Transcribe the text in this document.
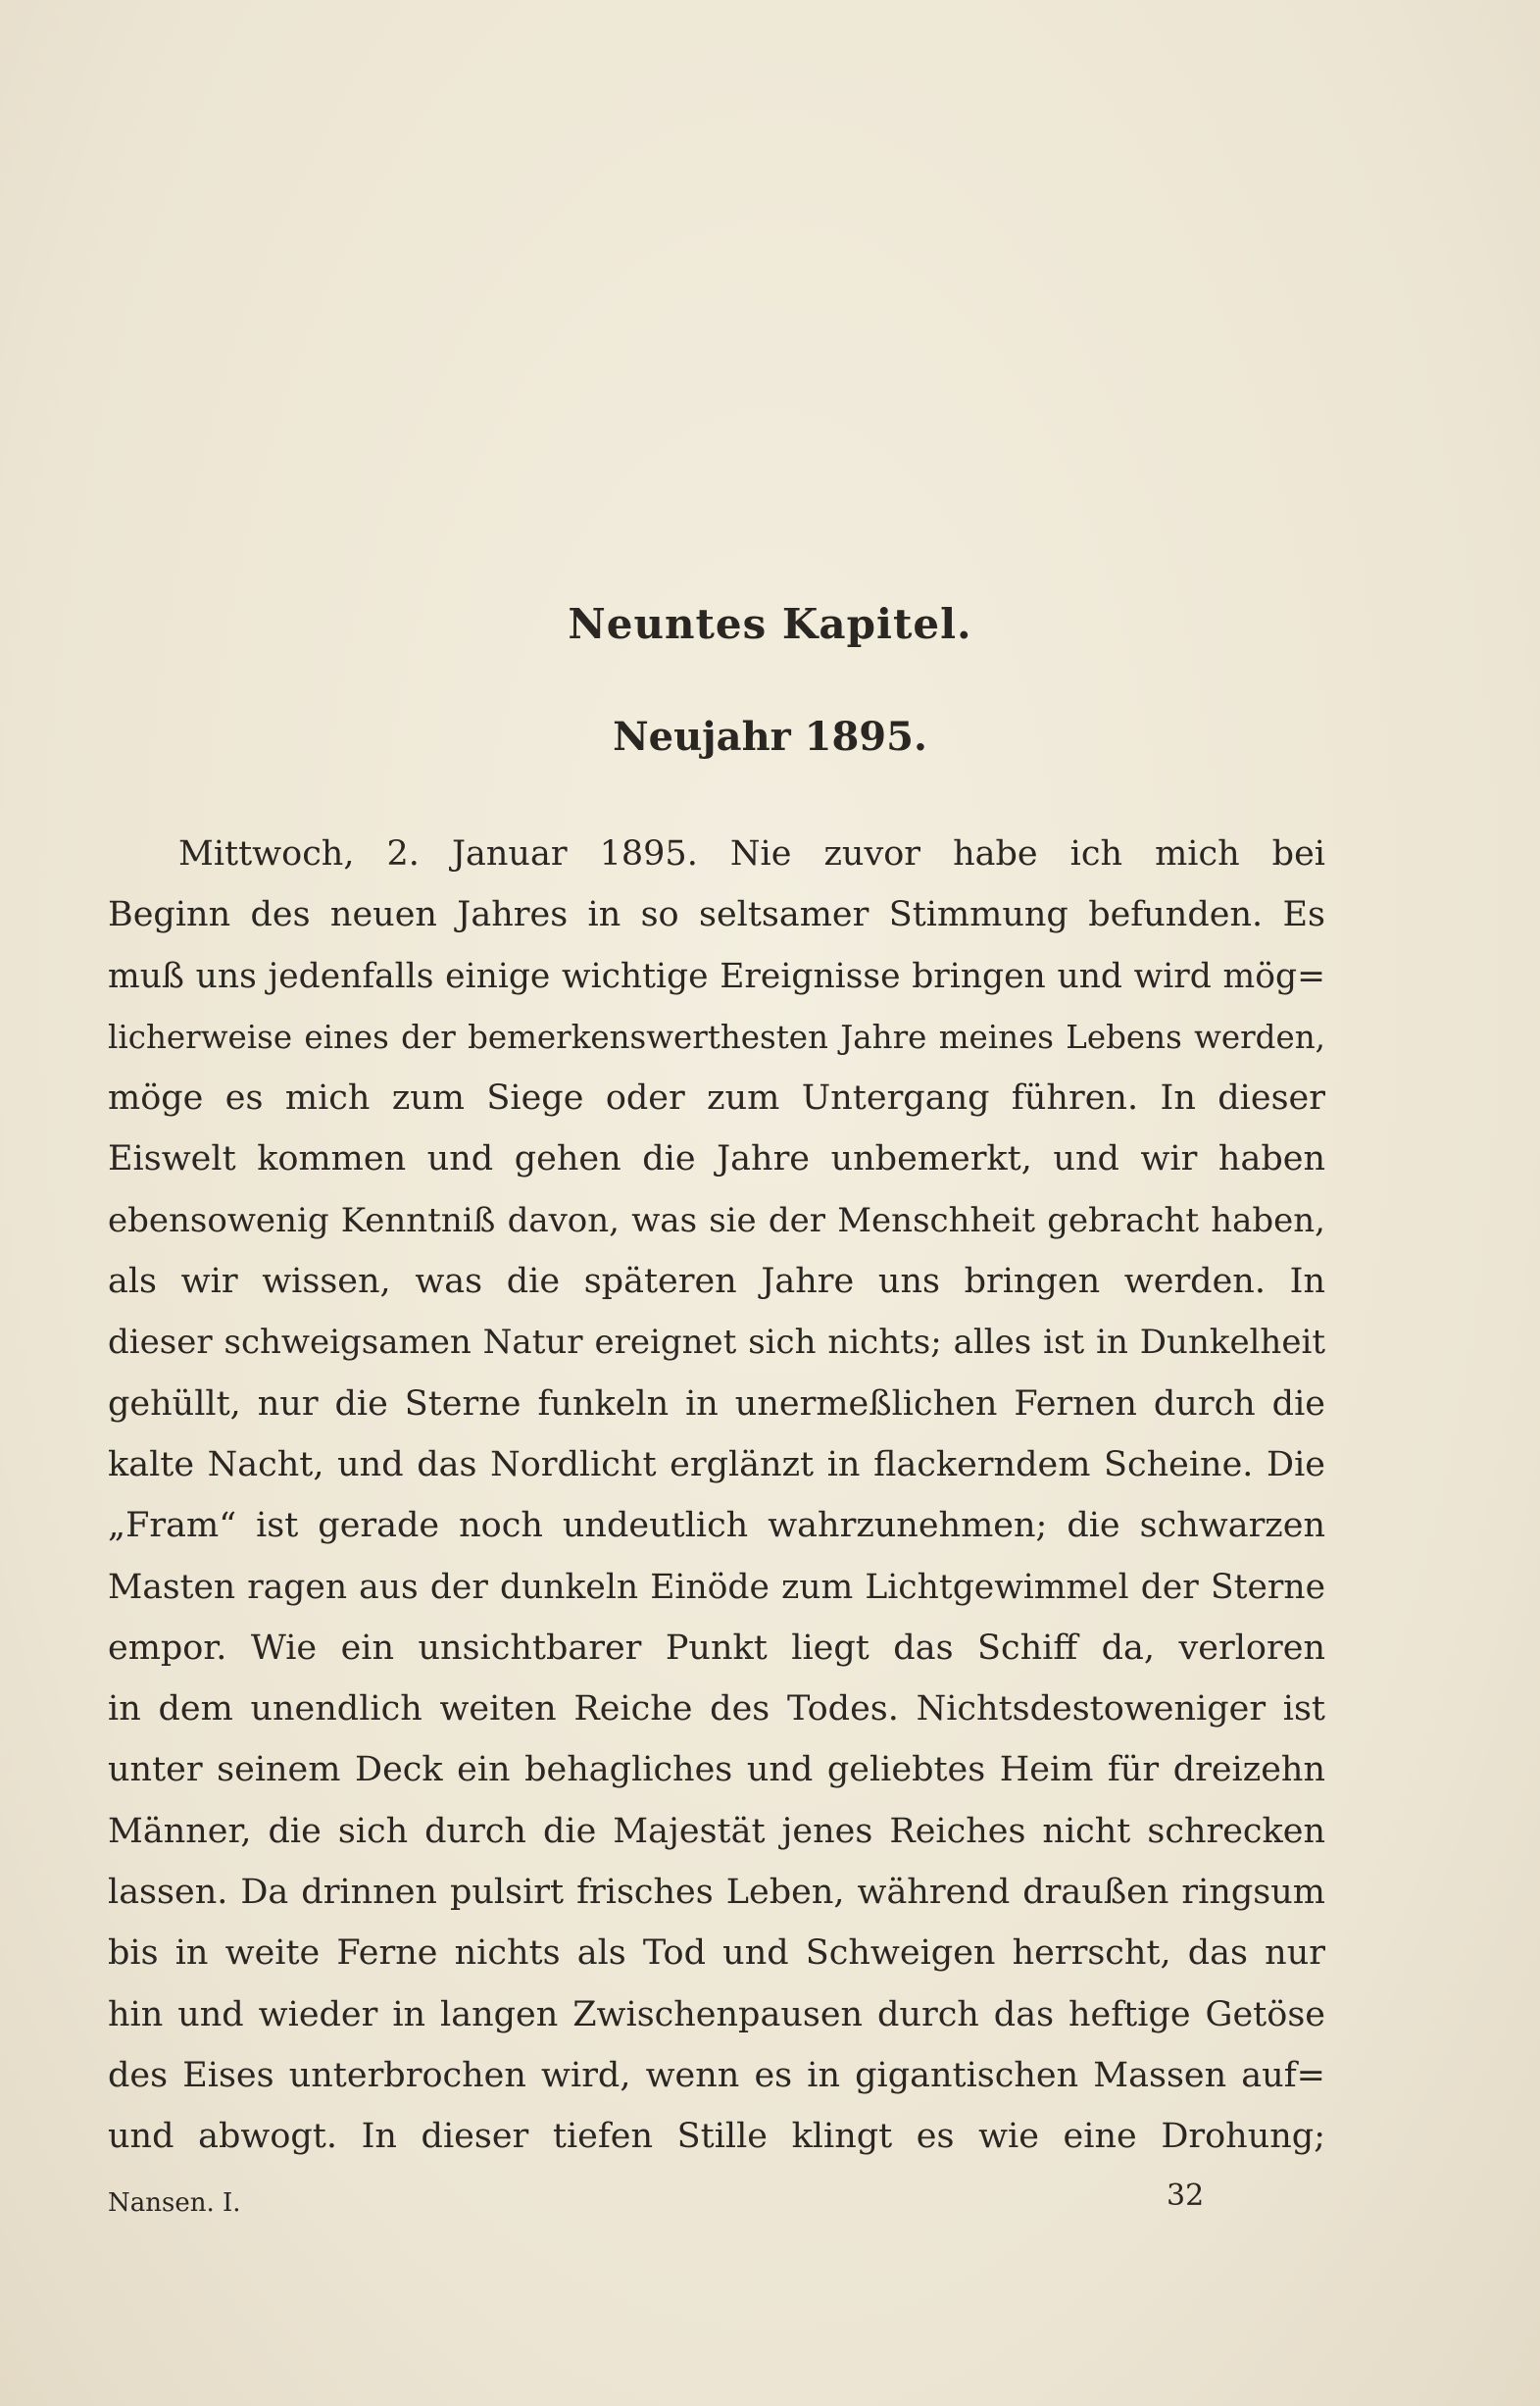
Neuntes Kapitel.
Neujahr 1895.
Mittwoch, 2. Januar 1895. Nie zuvor habe ich mich bei
Beginn des neuen Jahres in so seltsamer Stimmung befunden. Es
muß uns jedenfalls einige wichtige Ereignisse bringen und wird mög=
licherweise eines der bemerkenswerthesten Jahre meines Lebens werden,
möge es mich zum Siege oder zum Untergang führen. In dieser
Eiswelt kommen und gehen die Jahre unbemerkt, und wir haben
ebensowenig Kenntniß davon, was sie der Menschheit gebracht haben,
als wir wissen, was die späteren Jahre uns bringen werden. In
dieser schweigsamen Natur ereignet sich nichts; alles ist in Dunkelheit
gehüllt, nur die Sterne funkeln in unermeßlichen Fernen durch die
kalte Nacht, und das Nordlicht erglänzt in flackerndem Scheine. Die
„Fram“ ist gerade noch undeutlich wahrzunehmen; die schwarzen
Masten ragen aus der dunkeln Einöde zum Lichtgewimmel der Sterne
empor. Wie ein unsichtbarer Punkt liegt das Schiff da, verloren
in dem unendlich weiten Reiche des Todes. Nichtsdestoweniger ist
unter seinem Deck ein behagliches und geliebtes Heim für dreizehn
Männer, die sich durch die Majestät jenes Reiches nicht schrecken
lassen. Da drinnen pulsirt frisches Leben, während draußen ringsum
bis in weite Ferne nichts als Tod und Schweigen herrscht, das nur
hin und wieder in langen Zwischenpausen durch das heftige Getöse
des Eises unterbrochen wird, wenn es in gigantischen Massen auf=
und abwogt. In dieser tiefen Stille klingt es wie eine Drohung;
Nansen. I.	32
